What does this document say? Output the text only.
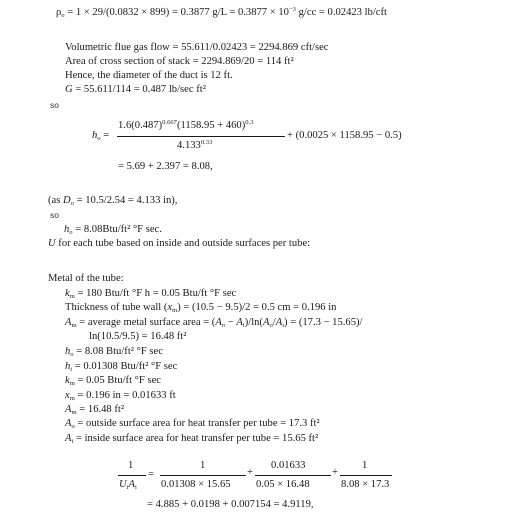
ρo = 1 × 29/(0.0832 × 899) = 0.3877 $g/L = 0.3877 \times 10^{-3}$ g/cc = 0.02423 lb/cft
Volumetric flue gas flow = 55.611/0.02423 = 2294.869 cft/sec
Area of cross section of stack = 2294.869/20 = 114 ft²
Hence, the diameter of the duct is 12 ft.
G = 55.611/114 = 0.487 lb/sec ft²
so
ho =
$1.6(0.487)^{0.667}(1158.95 + 460)^{0.3}$
$4.133^{0.33}$
+ (0.0025 × 1158.95 − 0.5)
= 5.69 + 2.397 = 8.08,
(as Do = 10.5/2.54 = 4.133 in),
so
ho = 8.08Btu/ft² °F sec.
U for each tube based on inside and outside surfaces per tube:
Metal of the tube:
km = 180 Btu/ft °F h = 0.05 Btu/ft °F sec
Thickness of tube wall (xm) = (10.5 − 9.5)/2 = 0.5 cm = 0.196 in
Am = average metal surface area = (Ao − Ai)/ln(Ao/Ai) = (17.3 − 15.65)/
ln(10.5/9.5) = 16.48 ft²
ho = 8.08 Btu/ft² °F sec
hi = 0.01308 Btu/ft² °F sec
km = 0.05 Btu/ft °F sec
xm = 0.196 in = 0.01633 ft
Am = 16.48 ft²
Ao = outside surface area for heat transfer per tube = 17.3 ft²
Ai = inside surface area for heat transfer per tube = 15.65 ft²
1
UiAi
=
1
0.01308 × 15.65
+
0.01633
0.05 × 16.48
+
1
8.08 × 17.3
= 4.885 + 0.0198 + 0.007154 = 4.9119,
